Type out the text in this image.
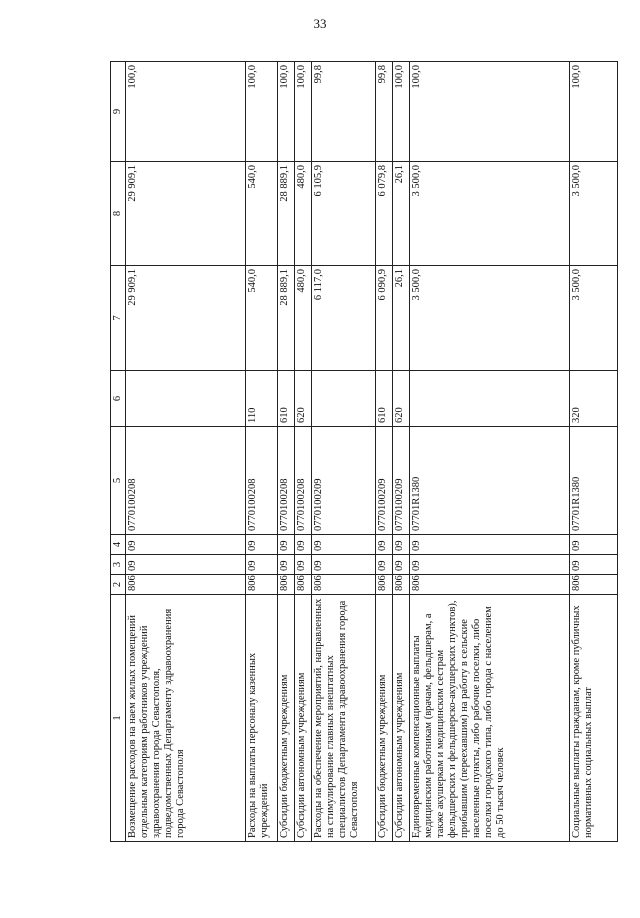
33
1	2	3	4	5	6	7	8	9
Возмещение расходов на наем жилых помещений отдельным категориям работников учреждений здравоохранения города Севастополя, подведомственных Департаменту здравоохранения города Севастополя	806	09	09	0770100208		29 909,1	29 909,1	100,0
Расходы на выплаты персоналу казенных учреждений	806	09	09	0770100208	110	540,0	540,0	100,0
Субсидии бюджетным учреждениям	806	09	09	0770100208	610	28 889,1	28 889,1	100,0
Субсидии автономным учреждениям	806	09	09	0770100208	620	480,0	480,0	100,0
Расходы на обеспечение мероприятий, направленных на стимулирование главных внештатных специалистов Департамента здравоохранения города Севастополя	806	09	09	0770100209		6 117,0	6 105,9	99,8
Субсидии бюджетным учреждениям	806	09	09	0770100209	610	6 090,9	6 079,8	99,8
Субсидии автономным учреждениям	806	09	09	0770100209	620	26,1	26,1	100,0
Единовременные компенсационные выплаты медицинским работникам (врачам, фельдшерам, а также акушеркам и медицинским сестрам фельдшерских и фельдшерско-акушерских пунктов), прибывшим (переехавшим) на работу в сельские населенные пункты, либо рабочие поселки, либо поселки городского типа, либо города с населением до 50 тысяч человек	806	09	09	07701R1380		3 500,0	3 500,0	100,0
Социальные выплаты гражданам, кроме публичных нормативных социальных выплат	806	09	09	07701R1380	320	3 500,0	3 500,0	100,0
